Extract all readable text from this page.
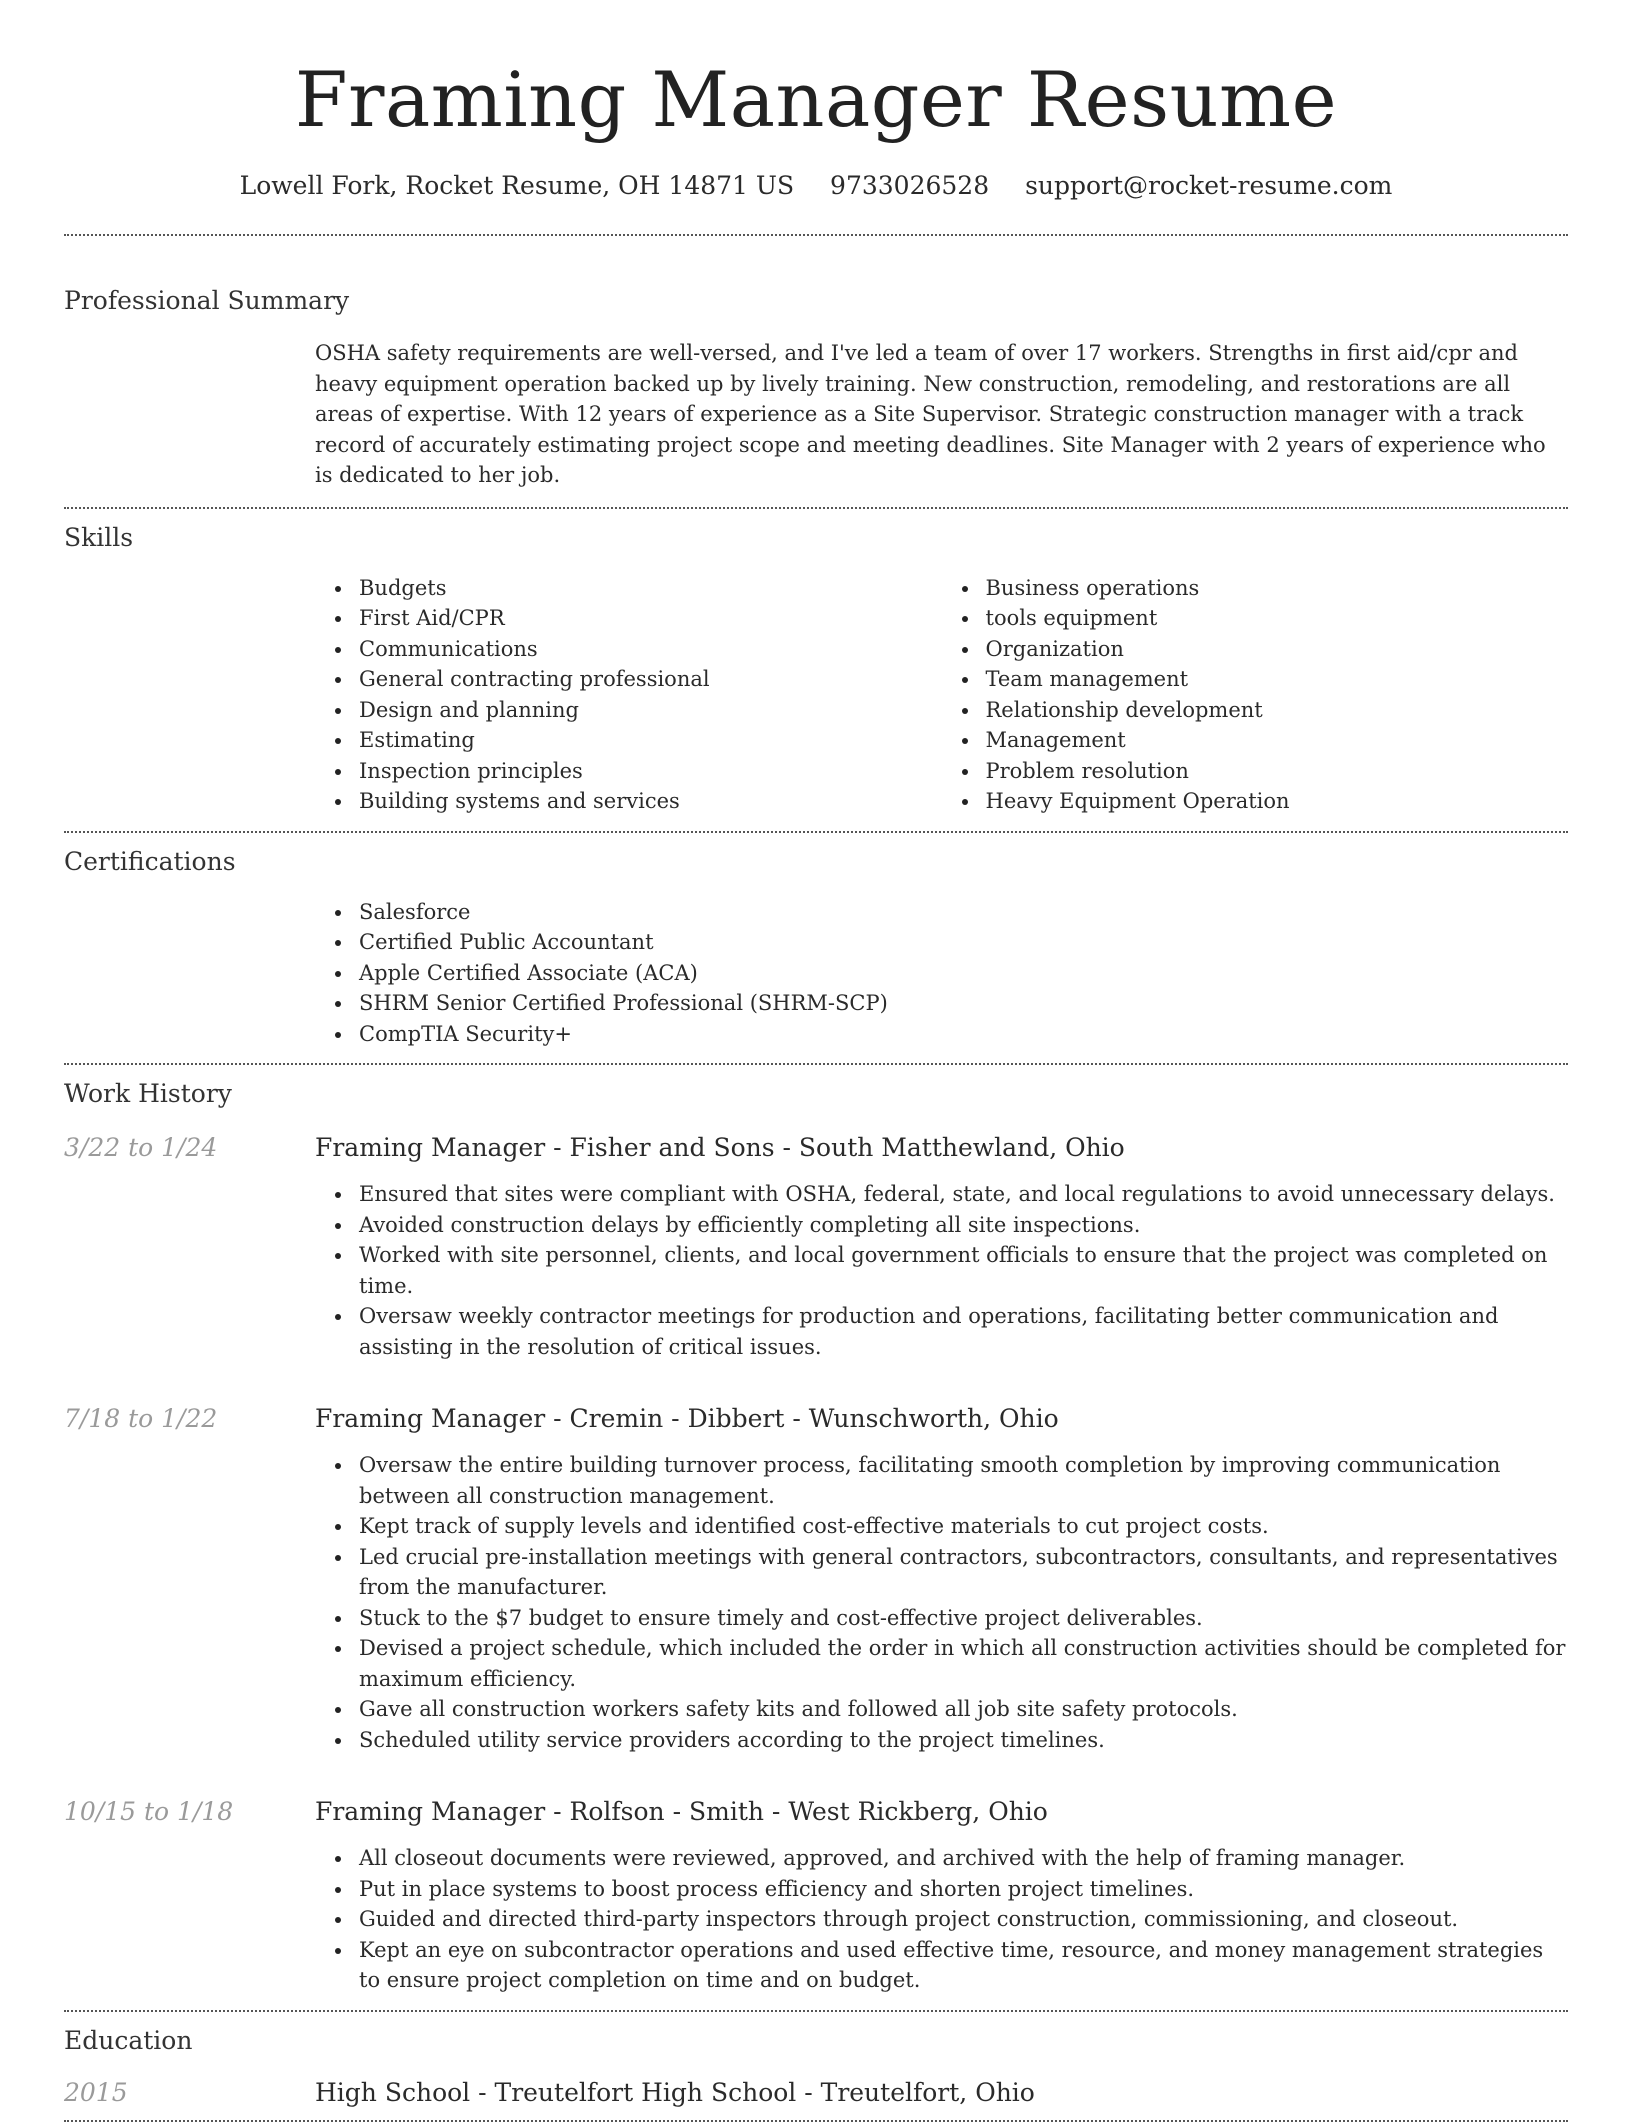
Framing Manager Resume
Lowell Fork, Rocket Resume, OH 14871 US 9733026528 support@rocket-resume.com
Professional Summary
OSHA safety requirements are well-versed, and I've led a team of over 17 workers. Strengths in first aid/cpr and heavy equipment operation backed up by lively training. New construction, remodeling, and restorations are all areas of expertise. With 12 years of experience as a Site Supervisor. Strategic construction manager with a track record of accurately estimating project scope and meeting deadlines. Site Manager with 2 years of experience who is dedicated to her job.
Skills
Budgets
First Aid/CPR
Communications
General contracting professional
Design and planning
Estimating
Inspection principles
Building systems and services
Business operations
tools equipment
Organization
Team management
Relationship development
Management
Problem resolution
Heavy Equipment Operation
Certifications
Salesforce
Certified Public Accountant
Apple Certified Associate (ACA)
SHRM Senior Certified Professional (SHRM-SCP)
CompTIA Security+
Work History
3/22 to 1/24	Framing Manager - Fisher and Sons - South Matthewland, Ohio
Ensured that sites were compliant with OSHA, federal, state, and local regulations to avoid unnecessary delays.
Avoided construction delays by efficiently completing all site inspections.
Worked with site personnel, clients, and local government officials to ensure that the project was completed on time.
Oversaw weekly contractor meetings for production and operations, facilitating better communication and assisting in the resolution of critical issues.
7/18 to 1/22	Framing Manager - Cremin - Dibbert - Wunschworth, Ohio
Oversaw the entire building turnover process, facilitating smooth completion by improving communication between all construction management.
Kept track of supply levels and identified cost-effective materials to cut project costs.
Led crucial pre-installation meetings with general contractors, subcontractors, consultants, and representatives from the manufacturer.
Stuck to the $7 budget to ensure timely and cost-effective project deliverables.
Devised a project schedule, which included the order in which all construction activities should be completed for maximum efficiency.
Gave all construction workers safety kits and followed all job site safety protocols.
Scheduled utility service providers according to the project timelines.
10/15 to 1/18	Framing Manager - Rolfson - Smith - West Rickberg, Ohio
All closeout documents were reviewed, approved, and archived with the help of framing manager.
Put in place systems to boost process efficiency and shorten project timelines.
Guided and directed third-party inspectors through project construction, commissioning, and closeout.
Kept an eye on subcontractor operations and used effective time, resource, and money management strategies to ensure project completion on time and on budget.
Education
2015	High School - Treutelfort High School - Treutelfort, Ohio
